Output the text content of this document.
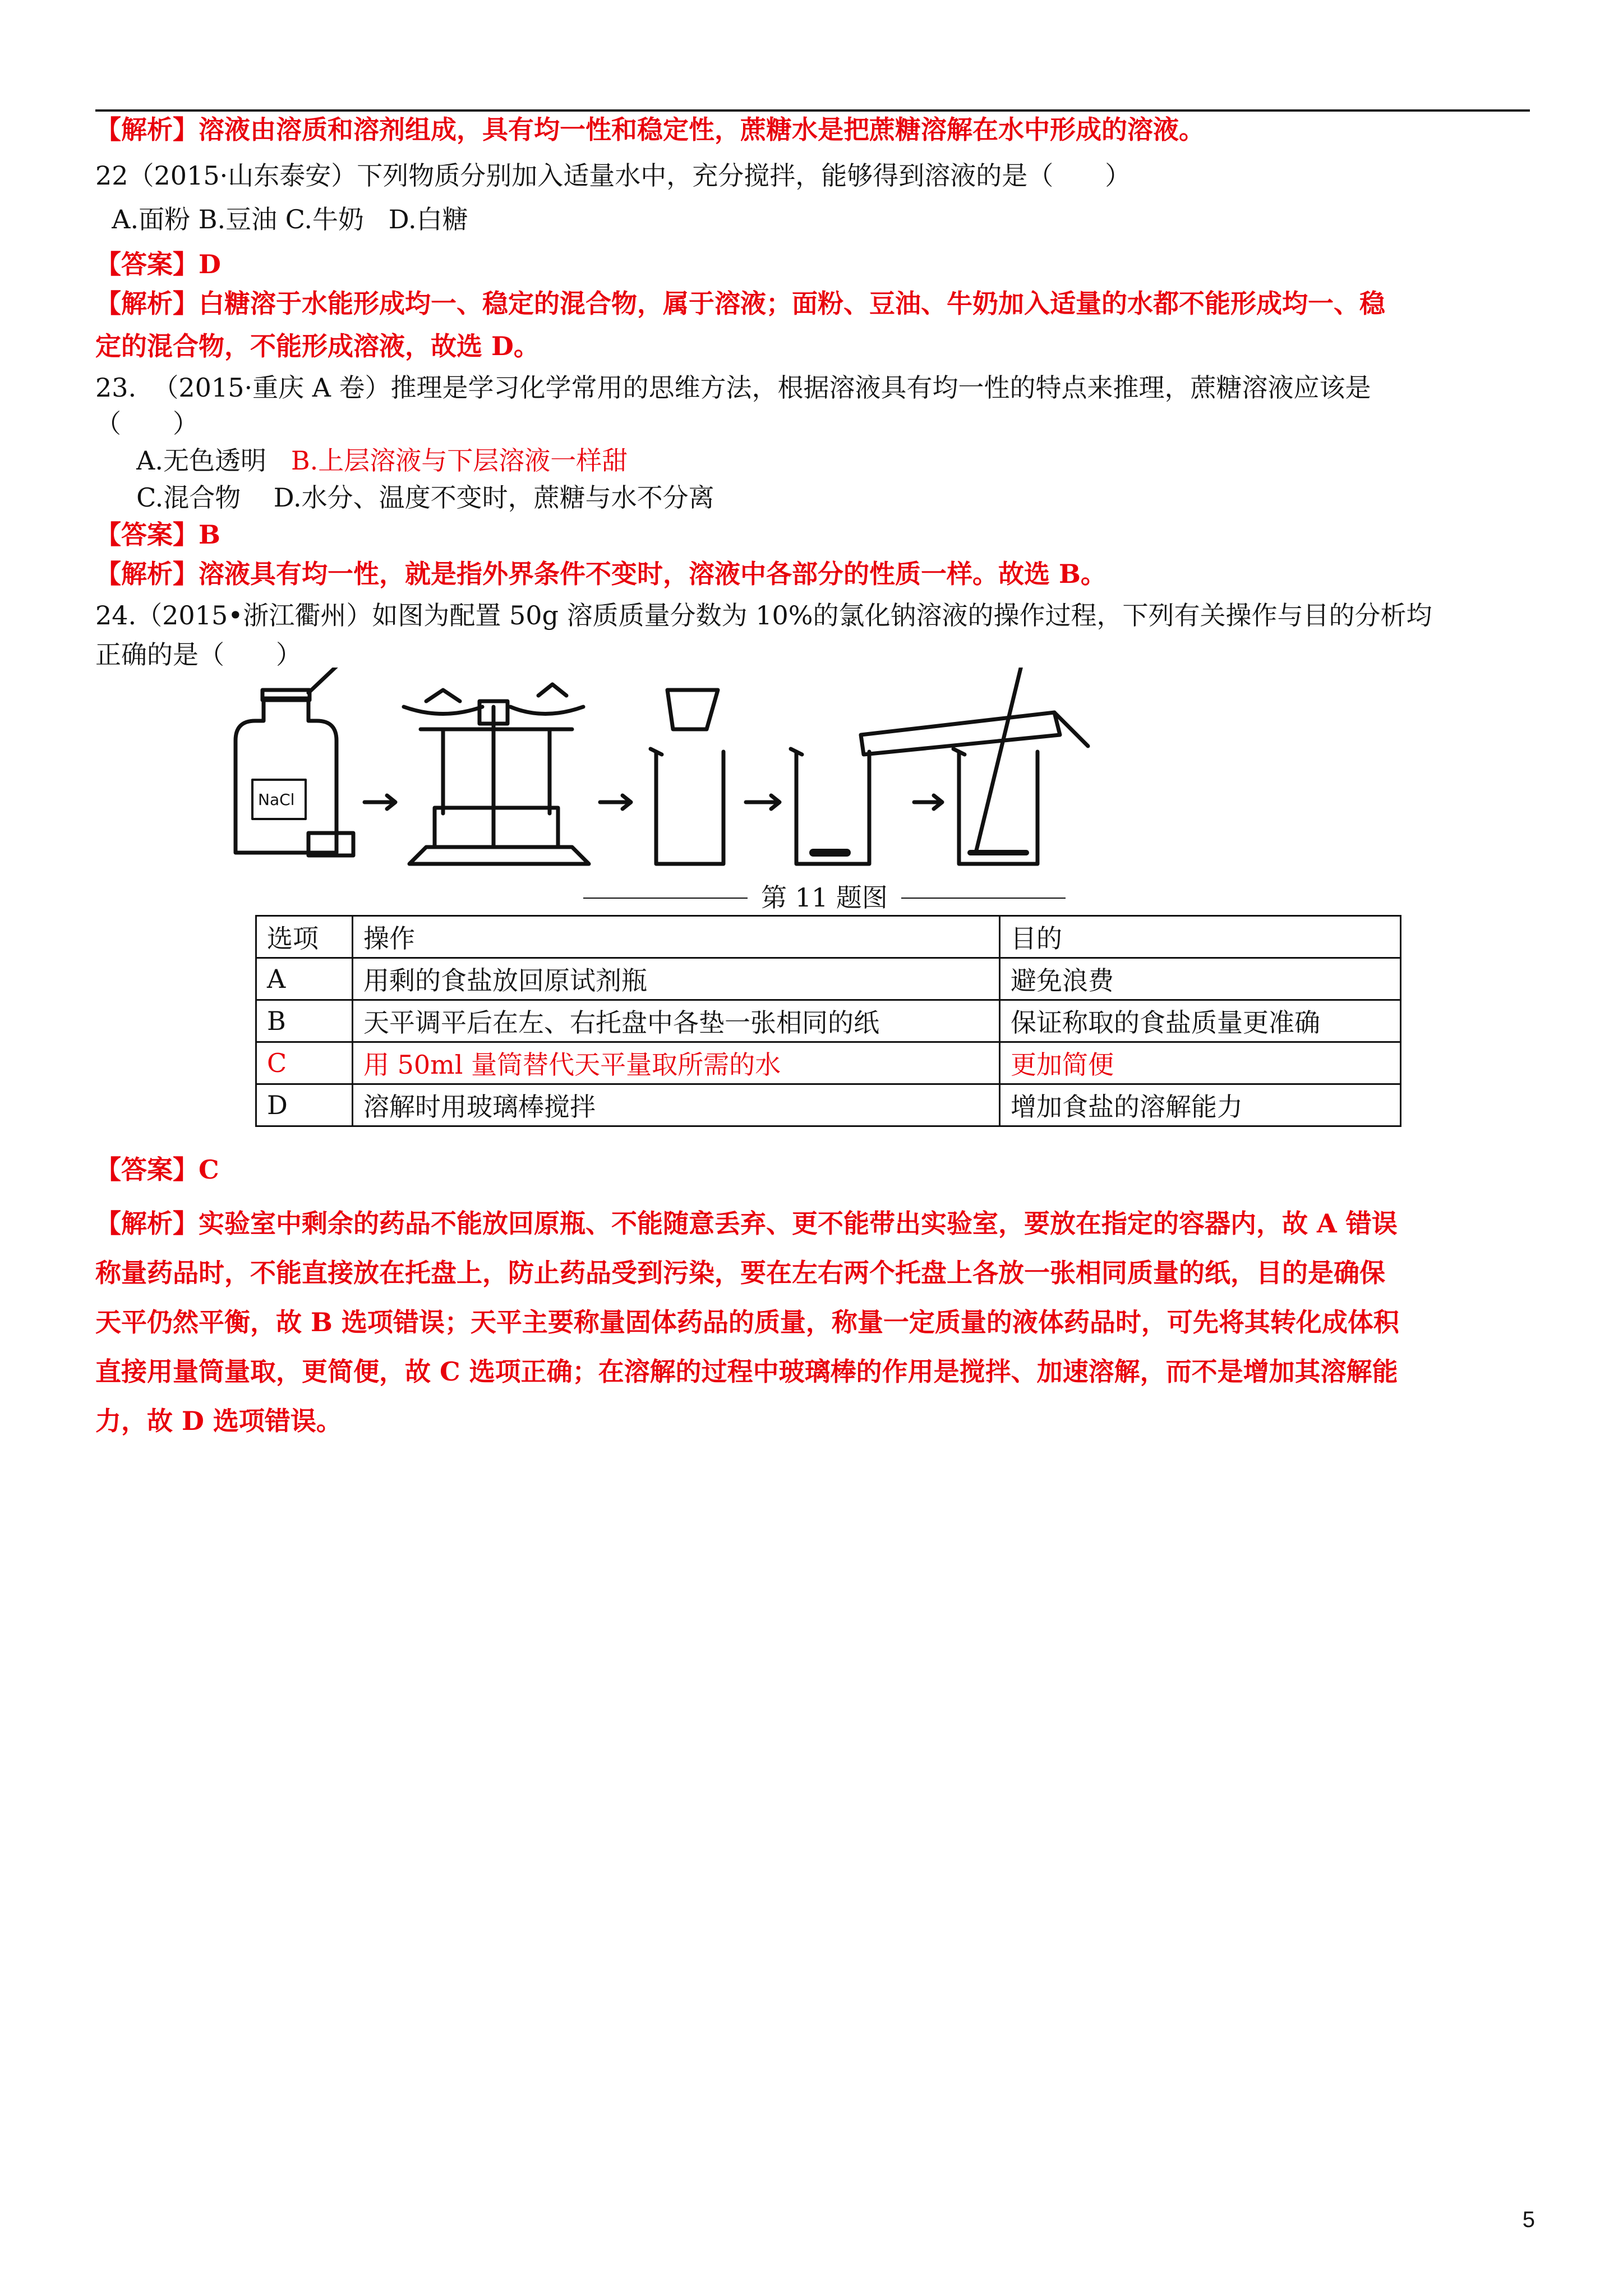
【解析】溶液由溶质和溶剂组成，具有均一性和稳定性，蔗糖水是把蔗糖溶解在水中形成的溶液。
22（2015·山东泰安）下列物质分别加入适量水中，充分搅拌，能够得到溶液的是（　　）
A.面粉 B.豆油 C.牛奶   D.白糖
【答案】D
【解析】白糖溶于水能形成均一、稳定的混合物，属于溶液；面粉、豆油、牛奶加入适量的水都不能形成均一、稳
定的混合物，不能形成溶液，故选 D。
23.  （2015·重庆 A 卷）推理是学习化学常用的思维方法，根据溶液具有均一性的特点来推理，蔗糖溶液应该是
（　　）
A.无色透明   B.上层溶液与下层溶液一样甜
C.混合物    D.水分、温度不变时，蔗糖与水不分离
【答案】B
【解析】溶液具有均一性，就是指外界条件不变时，溶液中各部分的性质一样。故选 B。
24.（2015•浙江衢州）如图为配置 50g 溶质质量分数为 10%的氯化钠溶液的操作过程，下列有关操作与目的分析均
正确的是（　　）
NaCl
第 11 题图
选项	操作	目的
A	用剩的食盐放回原试剂瓶	避免浪费
B	天平调平后在左、右托盘中各垫一张相同的纸	保证称取的食盐质量更准确
C	用 50ml 量筒替代天平量取所需的水	更加简便
D	溶解时用玻璃棒搅拌	增加食盐的溶解能力
【答案】C
【解析】实验室中剩余的药品不能放回原瓶、不能随意丢弃、更不能带出实验室，要放在指定的容器内，故 A 错误
称量药品时，不能直接放在托盘上，防止药品受到污染，要在左右两个托盘上各放一张相同质量的纸，目的是确保
天平仍然平衡，故 B 选项错误；天平主要称量固体药品的质量，称量一定质量的液体药品时，可先将其转化成体积
直接用量筒量取，更简便，故 C 选项正确；在溶解的过程中玻璃棒的作用是搅拌、加速溶解，而不是增加其溶解能
力，故 D 选项错误。
5
